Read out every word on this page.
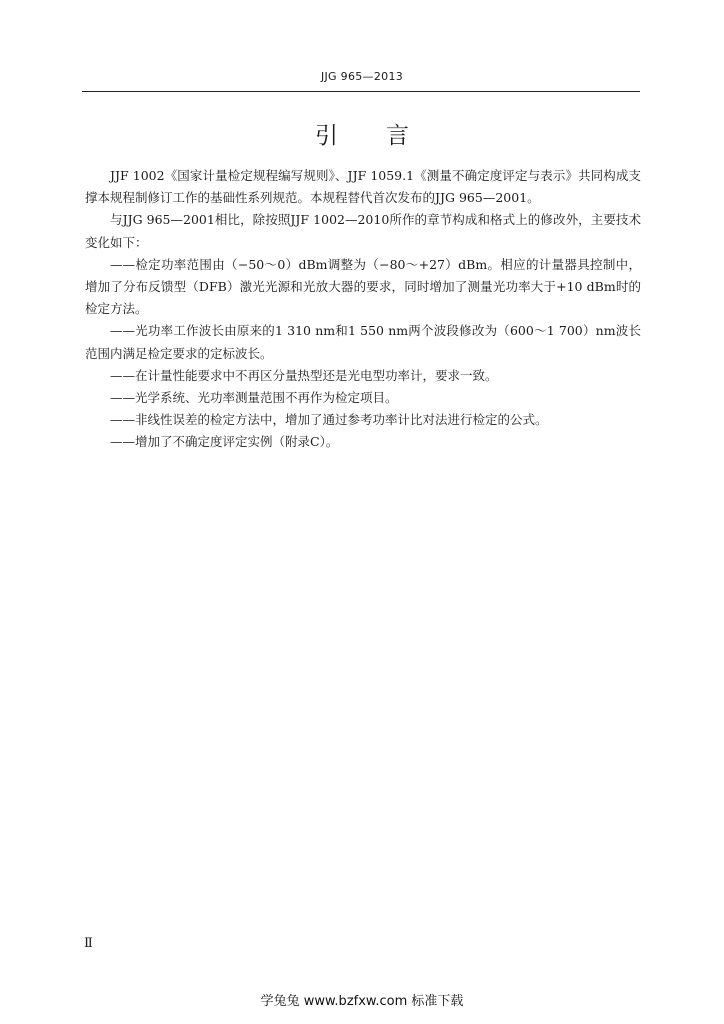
JJG 965—2013
引言

JJF 1002《国家计量检定规程编写规则》、JJF 1059.1《测量不确定度评定与表示》共同构成支撑本规程制修订工作的基础性系列规范。本规程替代首次发布的JJG 965—2001。

与JJG 965—2001相比，除按照JJF 1002—2010所作的章节构成和格式上的修改外，主要技术变化如下：

——检定功率范围由（−50～0）dBm调整为（−80～+27）dBm。相应的计量器具控制中，增加了分布反馈型（DFB）激光光源和光放大器的要求，同时增加了测量光功率大于+10 dBm时的检定方法。

——光功率工作波长由原来的1 310 nm和1 550 nm两个波段修改为（600～1 700）nm波长范围内满足检定要求的定标波长。

——在计量性能要求中不再区分量热型还是光电型功率计，要求一致。

——光学系统、光功率测量范围不再作为检定项目。

——非线性误差的检定方法中，增加了通过参考功率计比对法进行检定的公式。

——增加了不确定度评定实例（附录C）。

Ⅱ
学兔兔 www.bzfxw.com 标准下载
